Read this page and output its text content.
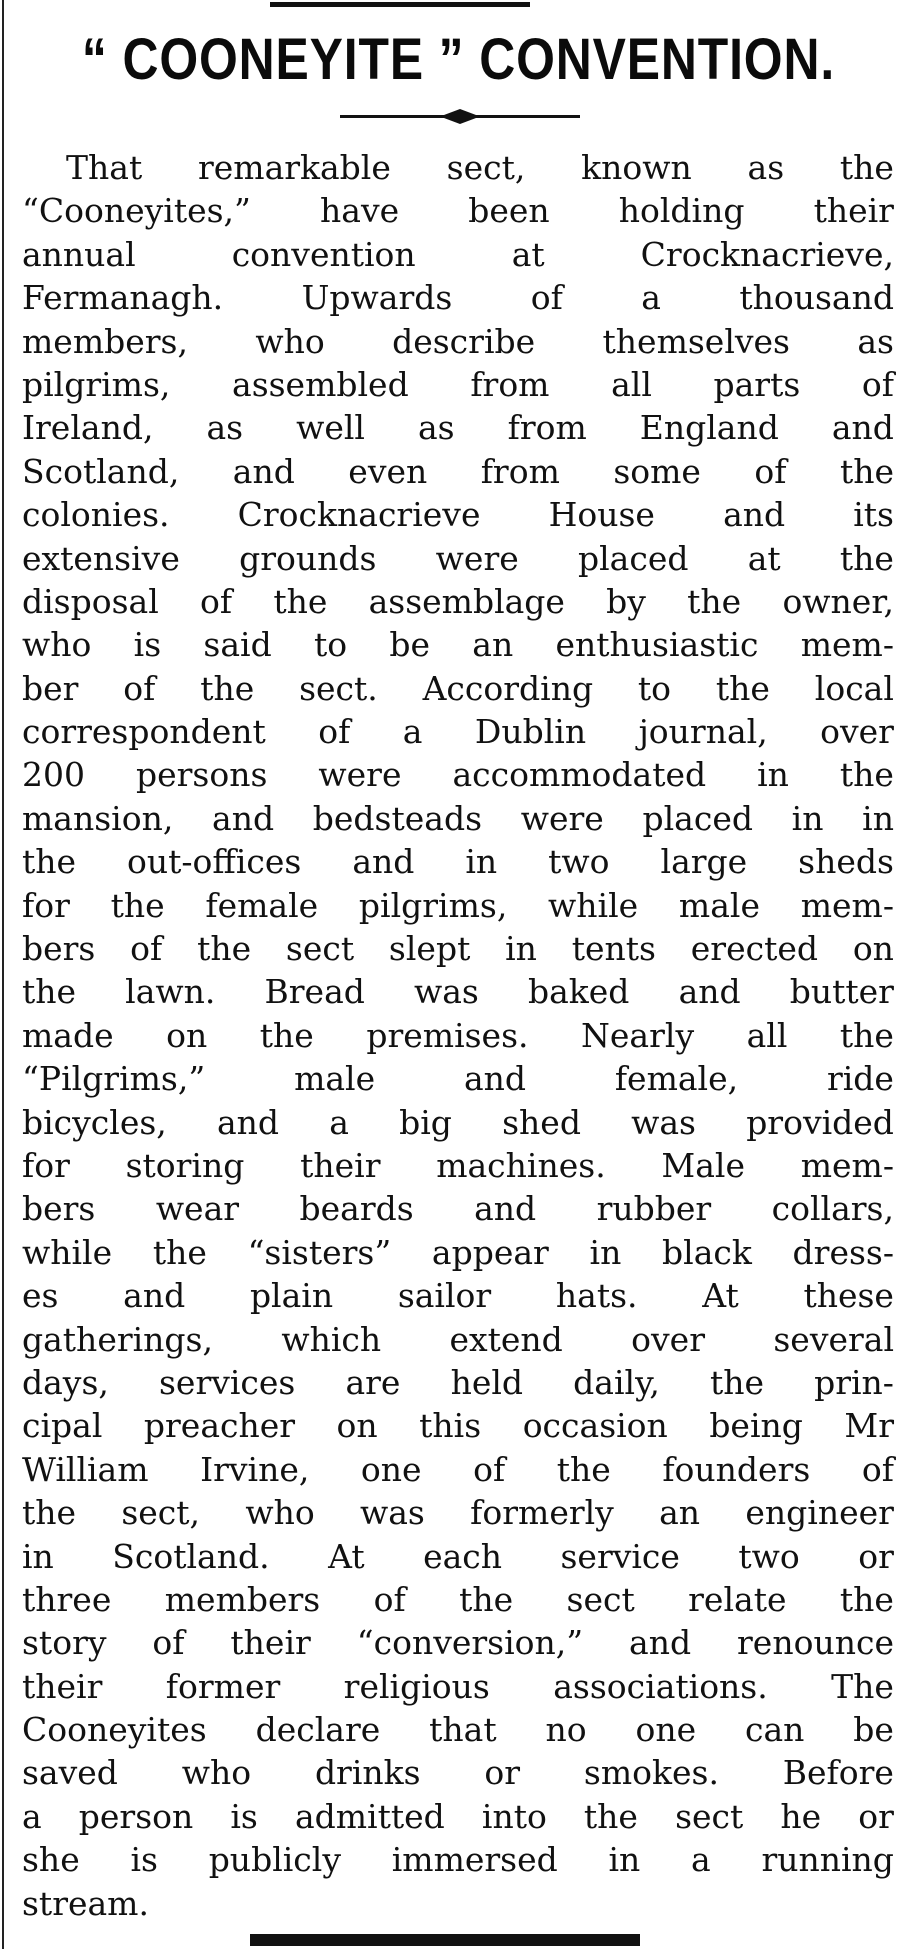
“ COONEYITE ” CONVENTION.
That remarkable sect, known as the
“Cooneyites,” have been holding their
annual	convention	at	Crocknacrieve,
Fermanagh. Upwards of a thousand
members, who describe themselves as
pilgrims, assembled from all parts of
Ireland, as well as from England and
Scotland, and even from some of the
colonies. Crocknacrieve House and its
extensive grounds were placed at the
disposal of the assemblage by the owner,
who is said to be an enthusiastic mem-
ber of the sect. According to the local
correspondent of a Dublin journal, over
200 persons were accommodated in the
mansion, and bedsteads were placed in in
the out-offices and in two large sheds
for the female pilgrims, while male mem-
bers of the sect slept in tents erected on
the lawn. Bread was baked and butter
made on the premises. Nearly all the
“Pilgrims,”	male	and	female,	ride
bicycles, and a big shed was provided
for storing their machines. Male mem-
bers wear beards and rubber collars,
while the “sisters” appear in black dress-
es and plain sailor hats. At these
gatherings, which extend over several
days, services are held daily, the prin-
cipal preacher on this occasion being Mr
William Irvine, one of the founders of
the sect, who was formerly an engineer
in Scotland. At each service two or
three members of the sect relate the
story of their “conversion,” and renounce
their former religious associations. The
Cooneyites declare that no one can be
saved who drinks or smokes. Before
a person is admitted into the sect he or
she is publicly immersed in a running
stream.
